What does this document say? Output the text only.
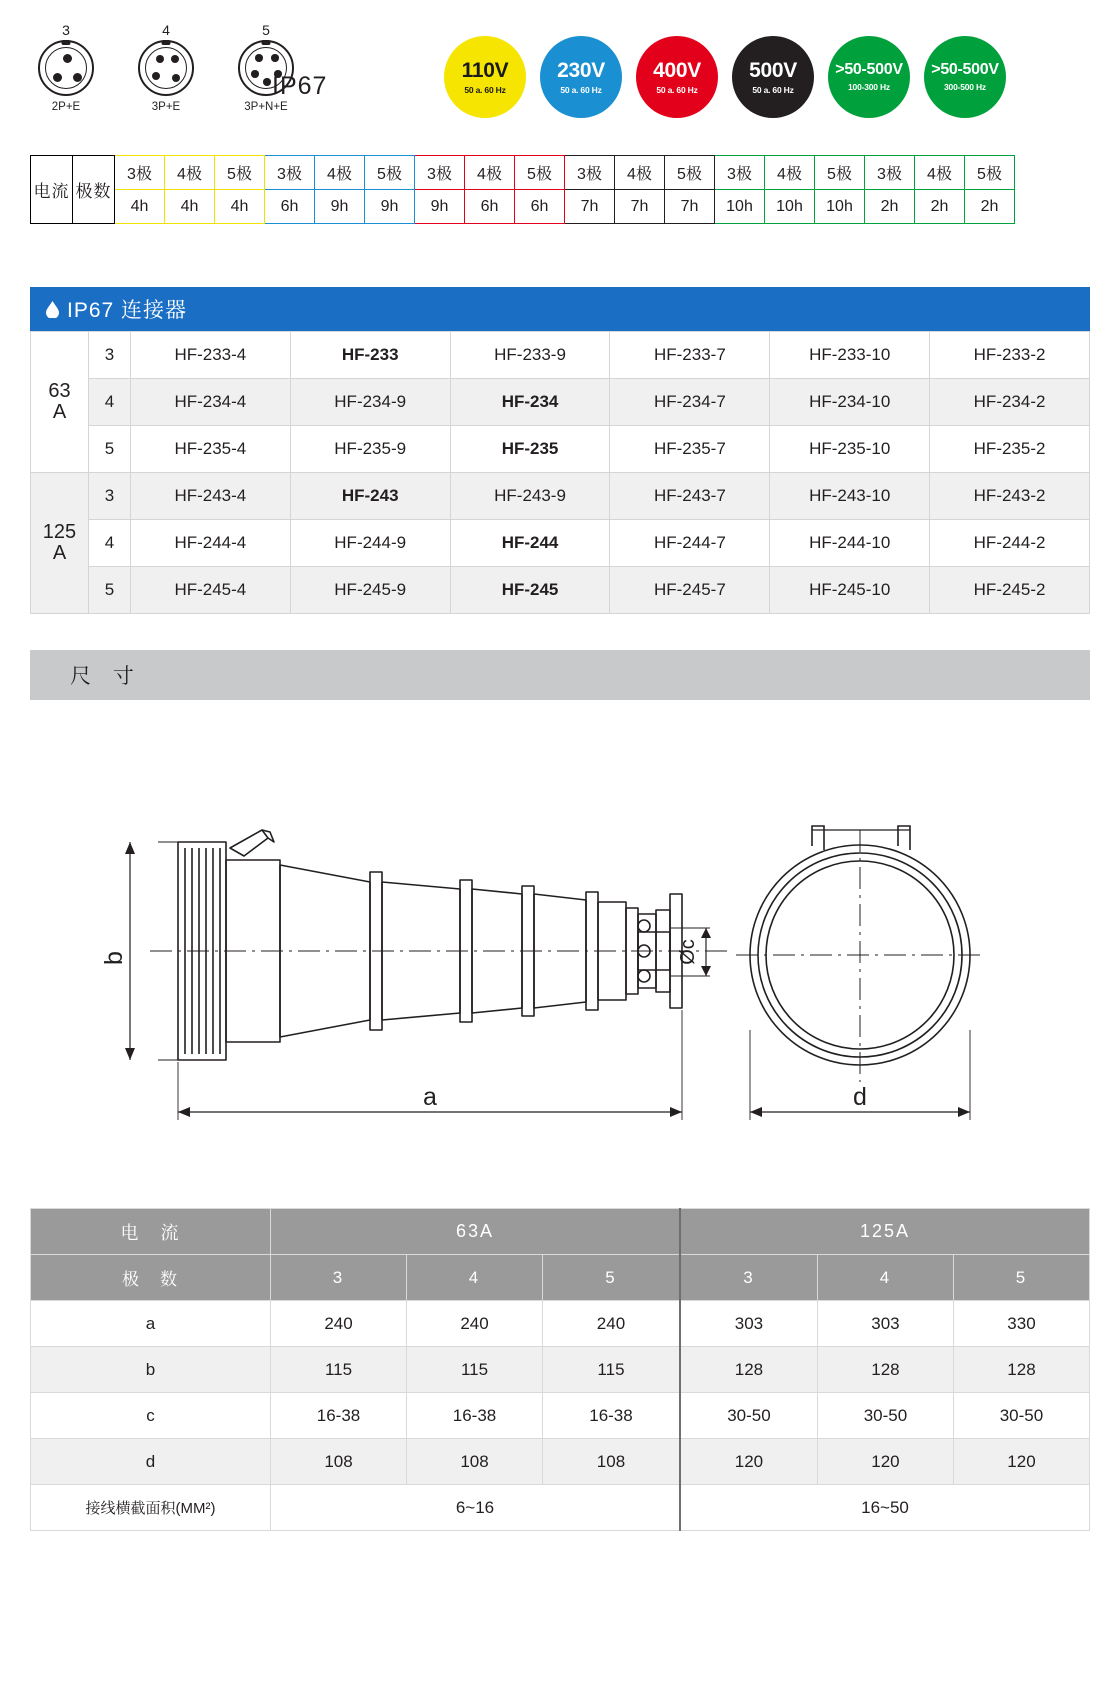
3
2P+E
4
3P+E
5
3P+N+E
IP67
110V
50 a. 60 Hz
230V
50 a. 60 Hz
400V
50 a. 60 Hz
500V
50 a. 60 Hz
>50-500V
100-300 Hz
>50-500V
300-500 Hz
电流	极数	3极	4极	5极	3极	4极	5极	3极	4极	5极	3极	4极	5极	3极	4极	5极	3极	4极	5极
		4h	4h	4h	6h	9h	9h	9h	6h	6h	7h	7h	7h	10h	10h	10h	2h	2h	2h
IP67 连接器
63
A	3	HF-233-4	HF-233	HF-233-9	HF-233-7	HF-233-10	HF-233-2
	4	HF-234-4	HF-234-9	HF-234	HF-234-7	HF-234-10	HF-234-2
	5	HF-235-4	HF-235-9	HF-235	HF-235-7	HF-235-10	HF-235-2
125
A	3	HF-243-4	HF-243	HF-243-9	HF-243-7	HF-243-10	HF-243-2
	4	HF-244-4	HF-244-9	HF-244	HF-244-7	HF-244-10	HF-244-2
	5	HF-245-4	HF-245-9	HF-245	HF-245-7	HF-245-10	HF-245-2
尺 寸
b
a
Øc
d
电　流	63A			125A		
极　数	3	4	5	3	4	5
a	240	240	240	303	303	330
b	115	115	115	128	128	128
c	16-38	16-38	16-38	30-50	30-50	30-50
d	108	108	108	120	120	120
接线横截面积(MM²)	6~16			16~50		
